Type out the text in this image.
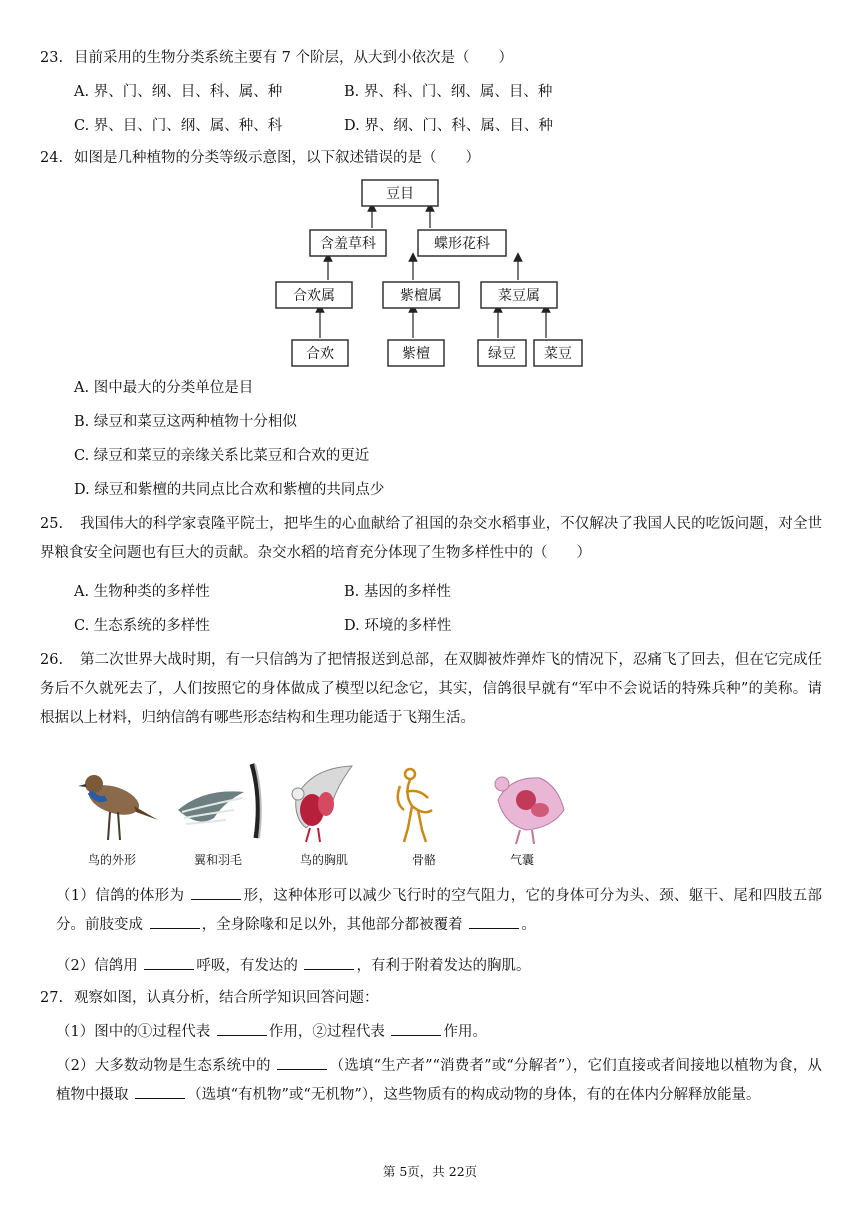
23. 目前采用的生物分类系统主要有 7 个阶层，从大到小依次是（　　）
A. 界、门、纲、目、科、属、种	B. 界、科、门、纲、属、目、种
C. 界、目、门、纲、属、种、科	D. 界、纲、门、科、属、目、种
24. 如图是几种植物的分类等级示意图，以下叙述错误的是（　　）
豆目
含羞草科	蝶形花科
合欢属	紫檀属	菜豆属
合欢	紫檀	绿豆 菜豆
A. 图中最大的分类单位是目
B. 绿豆和菜豆这两种植物十分相似
C. 绿豆和菜豆的亲缘关系比菜豆和合欢的更近
D. 绿豆和紫檀的共同点比合欢和紫檀的共同点少
25. 我国伟大的科学家袁隆平院士，把毕生的心血献给了祖国的杂交水稻事业，不仅解决了我国人民的吃饭问题，对全世界粮食安全问题也有巨大的贡献。杂交水稻的培育充分体现了生物多样性中的（　　）
A. 生物种类的多样性	B. 基因的多样性
C. 生态系统的多样性	D. 环境的多样性
26. 第二次世界大战时期，有一只信鸽为了把情报送到总部，在双脚被炸弹炸飞的情况下，忍痛飞了回去，但在它完成任务后不久就死去了，人们按照它的身体做成了模型以纪念它，其实，信鸽很早就有“军中不会说话的特殊兵种”的美称。请根据以上材料，归纳信鸽有哪些形态结构和生理功能适于飞翔生活。
鸟的外形	翼和羽毛	鸟的胸肌	骨骼	气囊
（1）信鸽的体形为	形，这种体形可以减少飞行时的空气阻力，它的身体可分为头、颈、躯干、尾和四肢五部分。前肢变成	，全身除喙和足以外，其他部分都被覆着	。
（2）信鸽用	呼吸，有发达的	，有利于附着发达的胸肌。
27. 观察如图，认真分析，结合所学知识回答问题：
（1）图中的①过程代表	作用，②过程代表	作用。
（2）大多数动物是生态系统中的	（选填“生产者”“消费者”或“分解者”），它们直接或者间接地以植物为食，从植物中摄取	（选填“有机物”或“无机物”），这些物质有的构成动物的身体，有的在体内分解释放能量。
第 5页，共 22页
